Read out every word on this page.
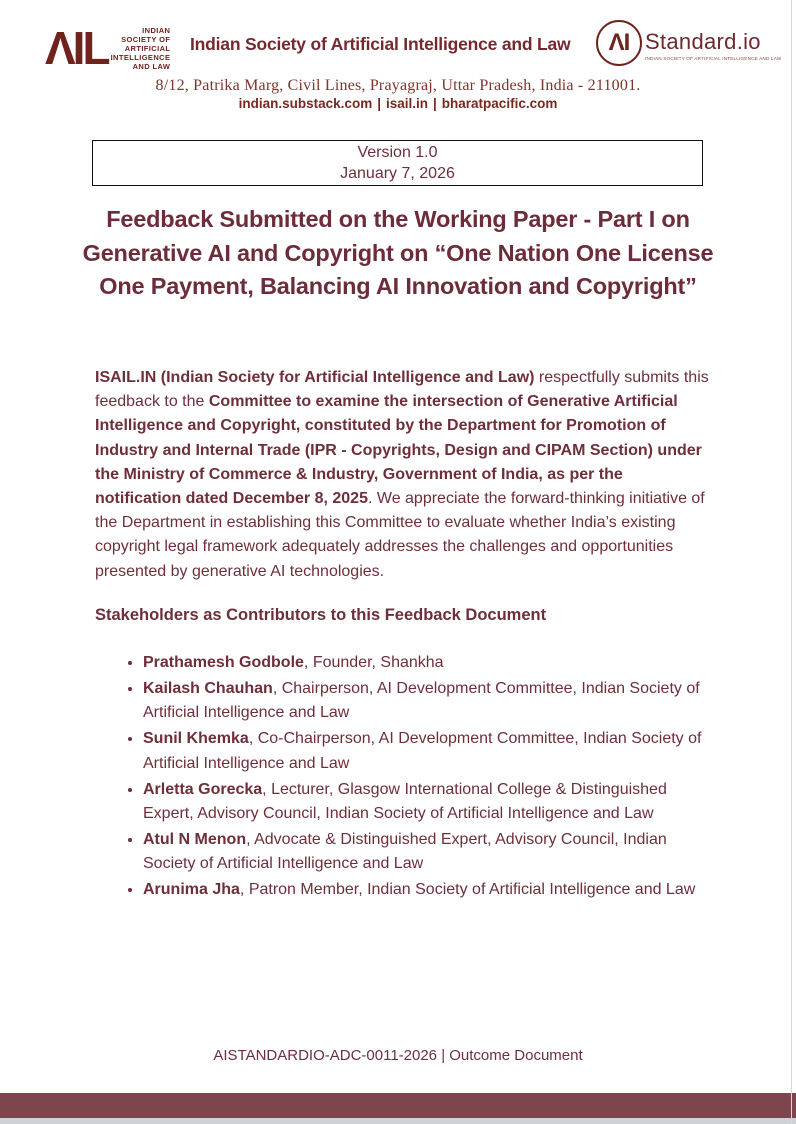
ΛIL	INDIAN
SOCIETY OF
ARTIFICIAL
INTELLIGENCE
AND LAW
Indian Society of Artificial Intelligence and Law	ΛI Standard.io
INDIAN SOCIETY OF ARTIFICIAL INTELLIGENCE AND LAW
8/12, Patrika Marg, Civil Lines, Prayagraj, Uttar Pradesh, India - 211001.
indian.substack.com | isail.in | bharatpacific.com
Version 1.0
January 7, 2026
Feedback Submitted on the Working Paper - Part I on Generative AI and Copyright on “One Nation One License One Payment, Balancing AI Innovation and Copyright”
ISAIL.IN (Indian Society for Artificial Intelligence and Law) respectfully submits this feedback to the Committee to examine the intersection of Generative Artificial Intelligence and Copyright, constituted by the Department for Promotion of Industry and Internal Trade (IPR - Copyrights, Design and CIPAM Section) under the Ministry of Commerce & Industry, Government of India, as per the notification dated December 8, 2025. We appreciate the forward-thinking initiative of the Department in establishing this Committee to evaluate whether India’s existing copyright legal framework adequately addresses the challenges and opportunities presented by generative AI technologies.
Stakeholders as Contributors to this Feedback Document
• Prathamesh Godbole, Founder, Shankha
• Kailash Chauhan, Chairperson, AI Development Committee, Indian Society of Artificial Intelligence and Law
• Sunil Khemka, Co-Chairperson, AI Development Committee, Indian Society of Artificial Intelligence and Law
• Arletta Gorecka, Lecturer, Glasgow International College & Distinguished Expert, Advisory Council, Indian Society of Artificial Intelligence and Law
• Atul N Menon, Advocate & Distinguished Expert, Advisory Council, Indian Society of Artificial Intelligence and Law
• Arunima Jha, Patron Member, Indian Society of Artificial Intelligence and Law
AISTANDARDIO-ADC-0011-2026 | Outcome Document
